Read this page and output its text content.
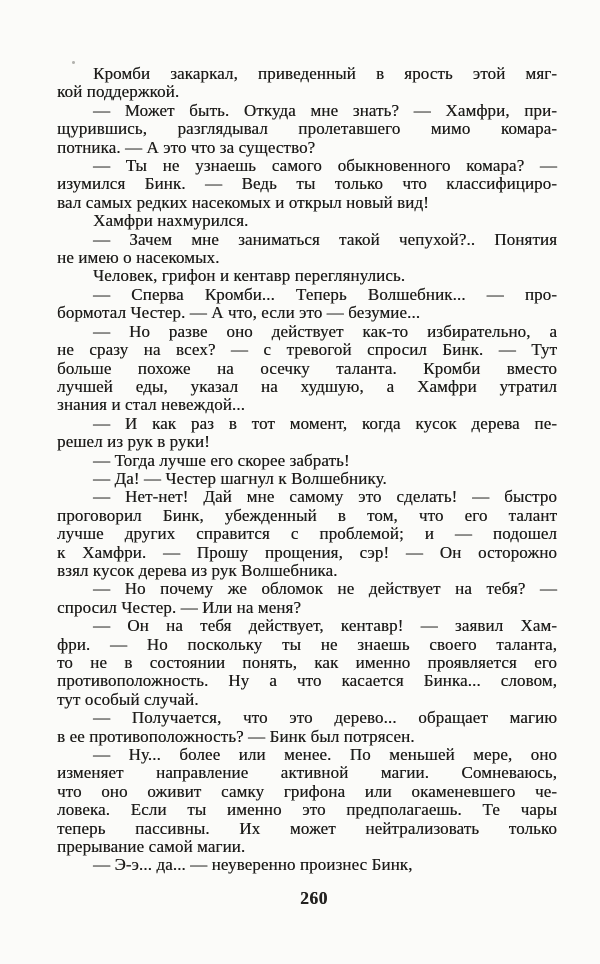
Кромби закаркал, приведенный в ярость этой мяг-
кой поддержкой.
— Может быть. Откуда мне знать? — Хамфри, при-
щурившись, разглядывал пролетавшего мимо комара-
потника. — А это что за существо?
— Ты не узнаешь самого обыкновенного комара? —
изумился Бинк. — Ведь ты только что классифициро-
вал самых редких насекомых и открыл новый вид!
Хамфри нахмурился.
— Зачем мне заниматься такой чепухой?.. Понятия
не имею о насекомых.
Человек, грифон и кентавр переглянулись.
— Сперва Кромби... Теперь Волшебник... — про-
бормотал Честер. — А что, если это — безумие...
— Но разве оно действует как-то избирательно, а
не сразу на всех? — с тревогой спросил Бинк. — Тут
больше похоже на осечку таланта. Кромби вместо
лучшей еды, указал на худшую, а Хамфри утратил
знания и стал невеждой...
— И как раз в тот момент, когда кусок дерева пе-
решел из рук в руки!
— Тогда лучше его скорее забрать!
— Да! — Честер шагнул к Волшебнику.
— Нет-нет! Дай мне самому это сделать! — быстро
проговорил Бинк, убежденный в том, что его талант
лучше других справится с проблемой; и — подошел
к Хамфри. — Прошу прощения, сэр! — Он осторожно
взял кусок дерева из рук Волшебника.
— Но почему же обломок не действует на тебя? —
спросил Честер. — Или на меня?
— Он на тебя действует, кентавр! — заявил Хам-
фри. — Но поскольку ты не знаешь своего таланта,
то не в состоянии понять, как именно проявляется его
противоположность. Ну а что касается Бинка... словом,
тут особый случай.
— Получается, что это дерево... обращает магию
в ее противоположность? — Бинк был потрясен.
— Ну... более или менее. По меньшей мере, оно
изменяет направление активной магии. Сомневаюсь,
что оно оживит самку грифона или окаменевшего че-
ловека. Если ты именно это предполагаешь. Те чары
теперь пассивны. Их может нейтрализовать только
прерывание самой магии.
— Э-э... да... — неуверенно произнес Бинк,
260
